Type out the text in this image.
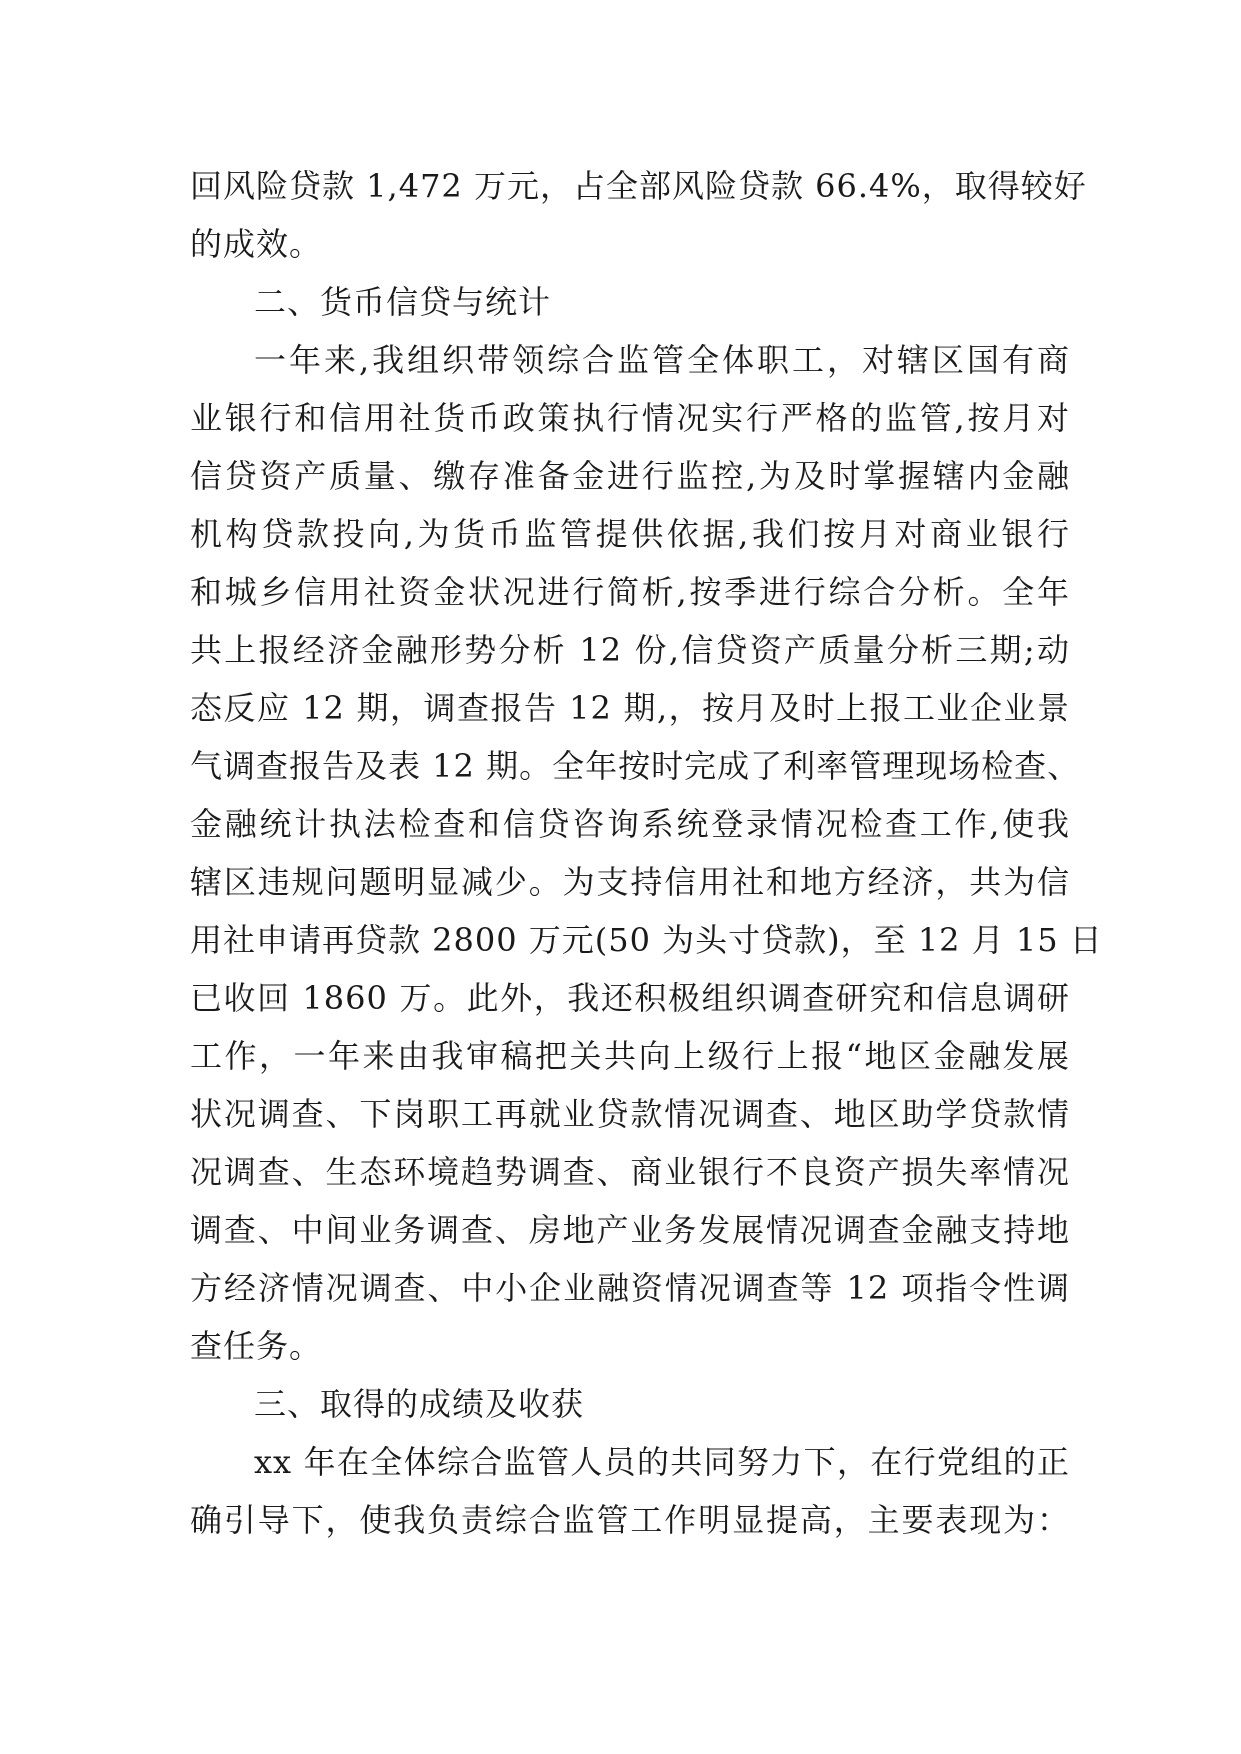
回风险贷款 1,472 万元，占全部风险贷款 66.4%，取得较好
的成效。
二、货币信贷与统计
一年来,我组织带领综合监管全体职工，对辖区国有商
业银行和信用社货币政策执行情况实行严格的监管,按月对
信贷资产质量、缴存准备金进行监控,为及时掌握辖内金融
机构贷款投向,为货币监管提供依据,我们按月对商业银行
和城乡信用社资金状况进行简析,按季进行综合分析。全年
共上报经济金融形势分析 12 份,信贷资产质量分析三期;动
态反应 12 期，调查报告 12 期,，按月及时上报工业企业景
气调查报告及表 12 期。全年按时完成了利率管理现场检查、
金融统计执法检查和信贷咨询系统登录情况检查工作,使我
辖区违规问题明显减少。为支持信用社和地方经济，共为信
用社申请再贷款 2800 万元(50 为头寸贷款)，至 12 月 15 日
已收回 1860 万。此外，我还积极组织调查研究和信息调研
工作，一年来由我审稿把关共向上级行上报“地区金融发展
状况调查、下岗职工再就业贷款情况调查、地区助学贷款情
况调查、生态环境趋势调查、商业银行不良资产损失率情况
调查、中间业务调查、房地产业务发展情况调查金融支持地
方经济情况调查、中小企业融资情况调查等 12 项指令性调
查任务。
三、取得的成绩及收获
xx 年在全体综合监管人员的共同努力下，在行党组的正
确引导下，使我负责综合监管工作明显提高，主要表现为：
